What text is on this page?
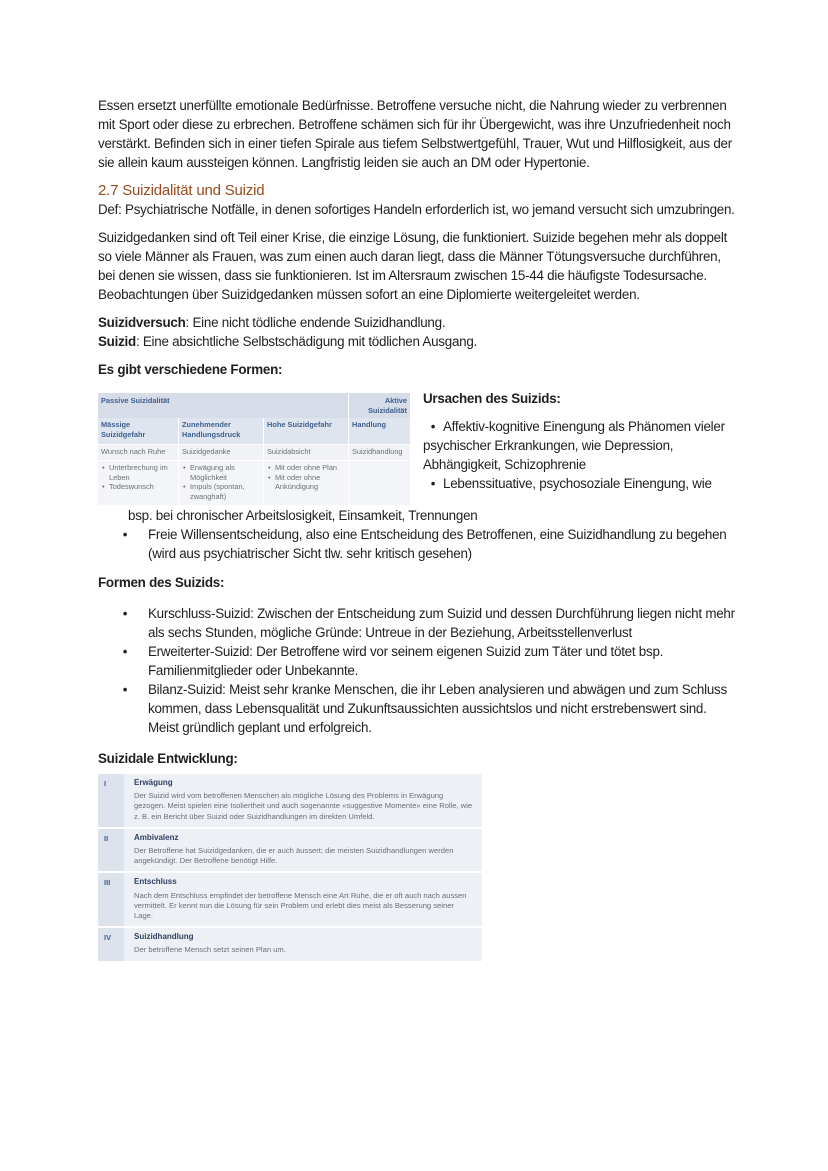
Essen ersetzt unerfüllte emotionale Bedürfnisse. Betroffene versuche nicht, die Nahrung wieder zu verbrennen mit Sport oder diese zu erbrechen. Betroffene schämen sich für ihr Übergewicht, was ihre Unzufriedenheit noch verstärkt. Befinden sich in einer tiefen Spirale aus tiefem Selbstwertgefühl, Trauer, Wut und Hilflosigkeit, aus der sie allein kaum aussteigen können. Langfristig leiden sie auch an DM oder Hypertonie.

2.7 Suizidalität und Suizid

Def: Psychiatrische Notfälle, in denen sofortiges Handeln erforderlich ist, wo jemand versucht sich umzubringen.

Suizidgedanken sind oft Teil einer Krise, die einzige Lösung, die funktioniert. Suizide begehen mehr als doppelt so viele Männer als Frauen, was zum einen auch daran liegt, dass die Männer Tötungsversuche durchführen, bei denen sie wissen, dass sie funktionieren. Ist im Altersraum zwischen 15-44 die häufigste Todesursache. Beobachtungen über Suizidgedanken müssen sofort an eine Diplomierte weitergeleitet werden.

Suizidversuch: Eine nicht tödliche endende Suizidhandlung.

Suizid: Eine absichtliche Selbstschädigung mit tödlichen Ausgang.

Es gibt verschiedene Formen:

Passive Suizidalität			Aktive Suizidalität
Mässige Suizidgefahr	Zunehmender Handlungsdruck	Hohe Suizidgefahr	Handlung
Wunsch nach Ruhe	Suizidgedanke	Suizidabsicht	Suizidhandlung

• Unterbrechung im Leben
• Todeswunsch

• Erwägung als Möglichkeit
• Impuls (spontan, zwanghaft)

• Mit oder ohne Plan
• Mit oder ohne Ankündigung

Ursachen des Suizids:

• Affektiv-kognitive Einengung als Phänomen vieler psychischer Erkrankungen, wie Depression, Abhängigkeit, Schizophrenie

• Lebenssituative, psychosoziale Einengung, wie

bsp. bei chronischer Arbeitslosigkeit, Einsamkeit, Trennungen

• Freie Willensentscheidung, also eine Entscheidung des Betroffenen, eine Suizidhandlung zu begehen (wird aus psychiatrischer Sicht tlw. sehr kritisch gesehen)

Formen des Suizids:

• Kurschluss-Suizid: Zwischen der Entscheidung zum Suizid und dessen Durchführung liegen nicht mehr als sechs Stunden, mögliche Gründe: Untreue in der Beziehung, Arbeitsstellenverlust
• Erweiterter-Suizid: Der Betroffene wird vor seinem eigenen Suizid zum Täter und tötet bsp. Familienmitglieder oder Unbekannte.
• Bilanz-Suizid: Meist sehr kranke Menschen, die ihr Leben analysieren und abwägen und zum Schluss kommen, dass Lebensqualität und Zukunftsaussichten aussichtslos und nicht erstrebenswert sind. Meist gründlich geplant und erfolgreich.

Suizidale Entwicklung:

I	Erwägung
Der Suizid wird vom betroffenen Menschen als mögliche Lösung des Problems in Erwägung gezogen. Meist spielen eine Isoliertheit und auch sogenannte «suggestive Momente» eine Rolle, wie z. B. ein Bericht über Suizid oder Suizidhandlungen im direkten Umfeld.

II	Ambivalenz
Der Betroffene hat Suizidgedanken, die er auch äussert; die meisten Suizidhandlungen werden angekündigt. Der Betroffene benötigt Hilfe.

III	Entschluss
Nach dem Entschluss empfindet der betroffene Mensch eine Art Ruhe, die er oft auch nach aussen vermittelt. Er kennt nun die Lösung für sein Problem und erlebt dies meist als Besserung seiner Lage.

IV	Suizidhandlung
Der betroffene Mensch setzt seinen Plan um.
